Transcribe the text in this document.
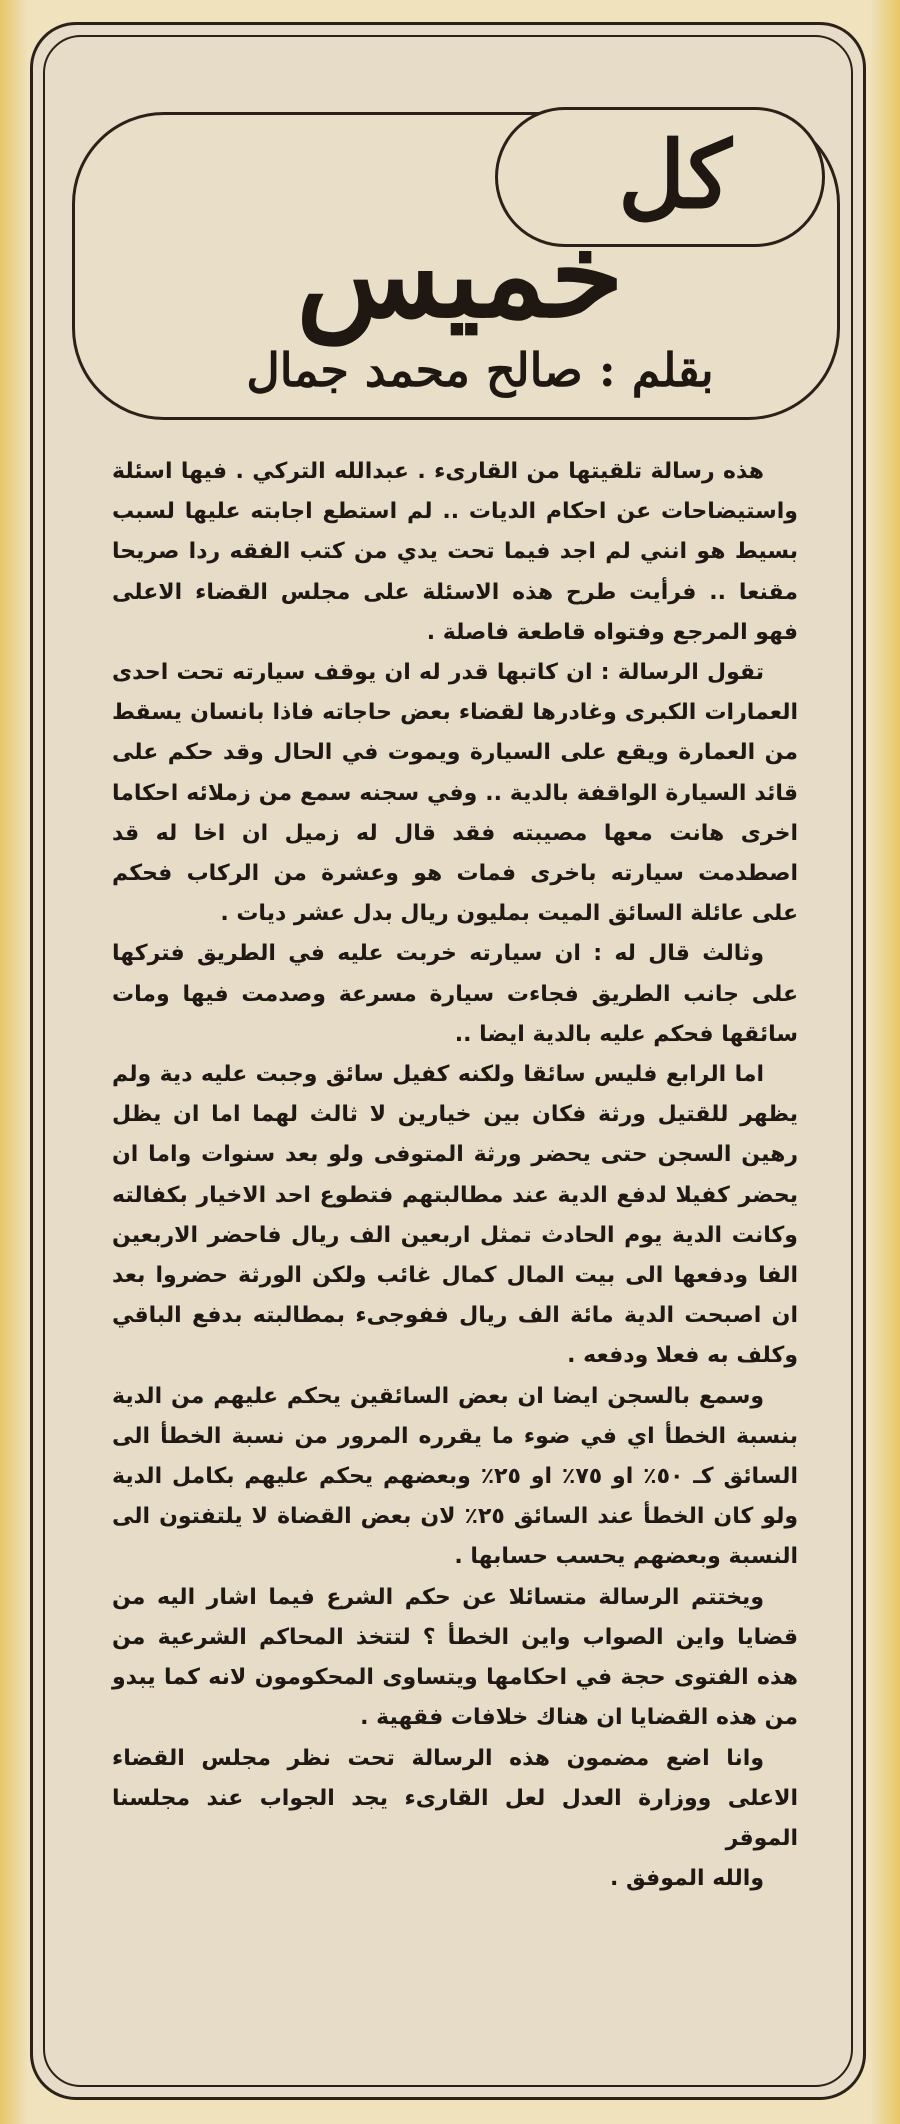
كل
خميس
بقلم : صالح محمد جمال

هذه رسالة تلقيتها من القارىء . عبدالله التركي . فيها اسئلة واستيضاحات عن احكام الديات .. لم استطع اجابته عليها لسبب بسيط هو انني لم اجد فيما تحت يدي من كتب الفقه ردا صريحا مقنعا .. فرأيت طرح هذه الاسئلة على مجلس القضاء الاعلى فهو المرجع وفتواه قاطعة فاصلة .

تقول الرسالة : ان كاتبها قدر له ان يوقف سيارته تحت احدى العمارات الكبرى وغادرها لقضاء بعض حاجاته فاذا بانسان يسقط من العمارة ويقع على السيارة ويموت في الحال وقد حكم على قائد السيارة الواقفة بالدية .. وفي سجنه سمع من زملائه احكاما اخرى هانت معها مصيبته فقد قال له زميل ان اخا له قد اصطدمت سيارته باخرى فمات هو وعشرة من الركاب فحكم على عائلة السائق الميت بمليون ريال بدل عشر ديات .

وثالث قال له : ان سيارته خربت عليه في الطريق فتركها على جانب الطريق فجاءت سيارة مسرعة وصدمت فيها ومات سائقها فحكم عليه بالدية ايضا ..

اما الرابع فليس سائقا ولكنه كفيل سائق وجبت عليه دية ولم يظهر للقتيل ورثة فكان بين خيارين لا ثالث لهما اما ان يظل رهين السجن حتى يحضر ورثة المتوفى ولو بعد سنوات واما ان يحضر كفيلا لدفع الدية عند مطالبتهم فتطوع احد الاخيار بكفالته وكانت الدية يوم الحادث تمثل اربعين الف ريال فاحضر الاربعين الفا ودفعها الى بيت المال كمال غائب ولكن الورثة حضروا بعد ان اصبحت الدية مائة الف ريال ففوجىء بمطالبته بدفع الباقي وكلف به فعلا ودفعه .

وسمع بالسجن ايضا ان بعض السائقين يحكم عليهم من الدية بنسبة الخطأ اي في ضوء ما يقرره المرور من نسبة الخطأ الى السائق كـ ٥٠٪ او ٧٥٪ او ٢٥٪ وبعضهم يحكم عليهم بكامل الدية ولو كان الخطأ عند السائق ٢٥٪ لان بعض القضاة لا يلتفتون الى النسبة وبعضهم يحسب حسابها .

ويختتم الرسالة متسائلا عن حكم الشرع فيما اشار اليه من قضايا واين الصواب واين الخطأ ؟ لتتخذ المحاكم الشرعية من هذه الفتوى حجة في احكامها ويتساوى المحكومون لانه كما يبدو من هذه القضايا ان هناك خلافات فقهية .

وانا اضع مضمون هذه الرسالة تحت نظر مجلس القضاء الاعلى ووزارة العدل لعل القارىء يجد الجواب عند مجلسنا الموقر

والله الموفق .
